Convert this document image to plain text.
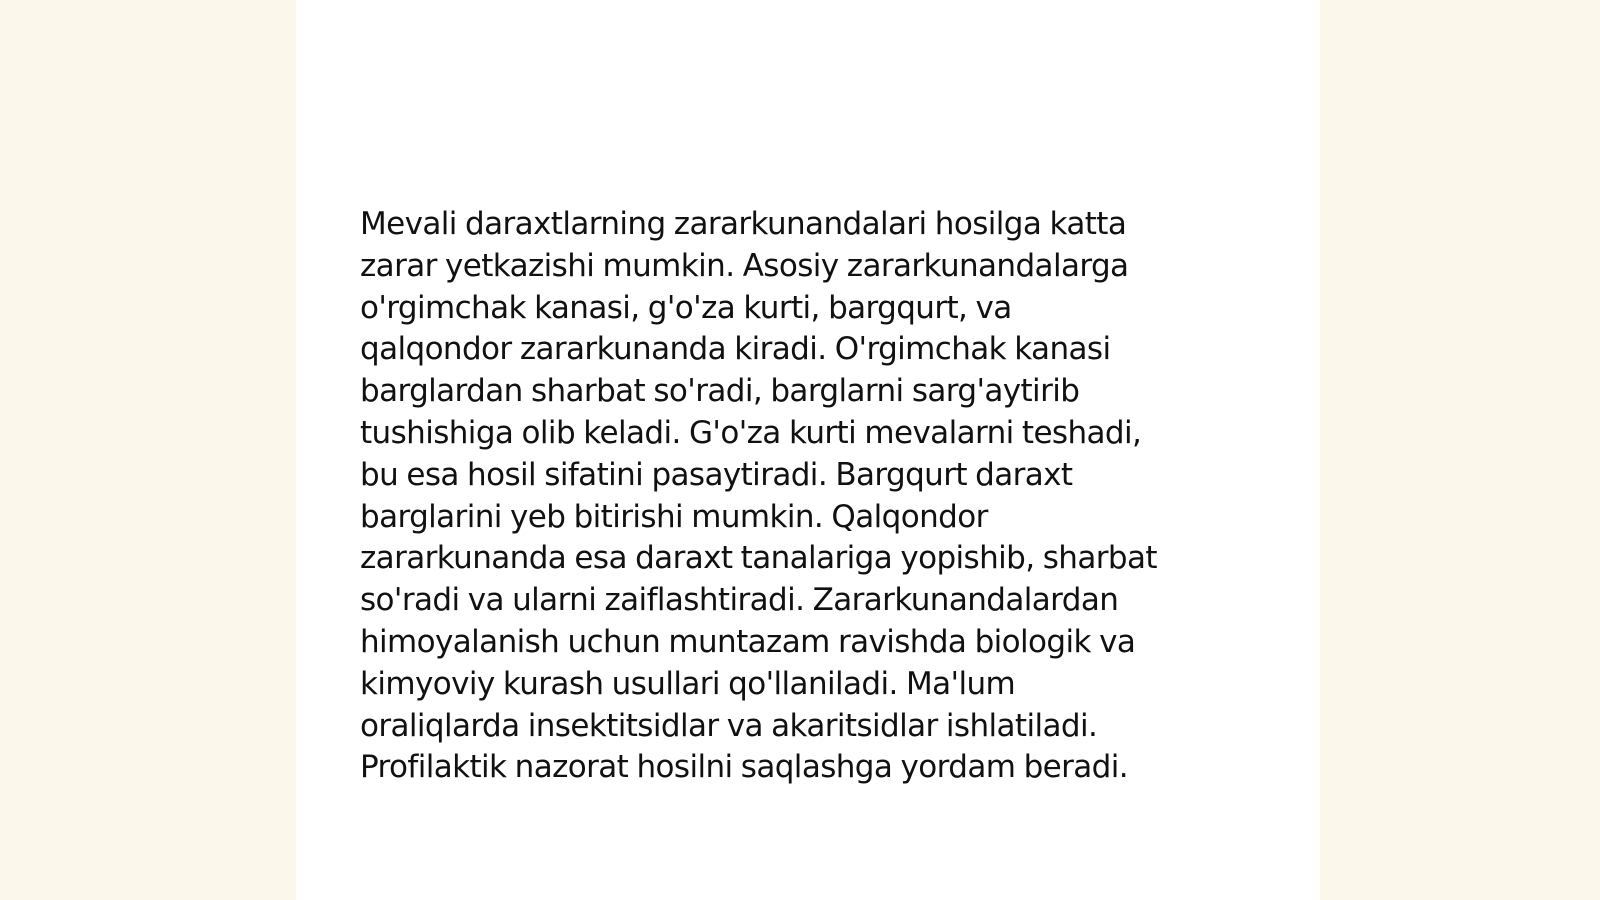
Mevali daraxtlarning zararkunandalari hosilga katta
zarar yetkazishi mumkin. Asosiy zararkunandalarga
o'rgimchak kanasi, g'o'za kurti, bargqurt, va
qalqondor zararkunanda kiradi. O'rgimchak kanasi
barglardan sharbat so'radi, barglarni sarg'aytirib
tushishiga olib keladi. G'o'za kurti mevalarni teshadi,
bu esa hosil sifatini pasaytiradi. Bargqurt daraxt
barglarini yeb bitirishi mumkin. Qalqondor
zararkunanda esa daraxt tanalariga yopishib, sharbat
so'radi va ularni zaiflashtiradi. Zararkunandalardan
himoyalanish uchun muntazam ravishda biologik va
kimyoviy kurash usullari qo'llaniladi. Ma'lum
oraliqlarda insektitsidlar va akaritsidlar ishlatiladi.
Profilaktik nazorat hosilni saqlashga yordam beradi.
